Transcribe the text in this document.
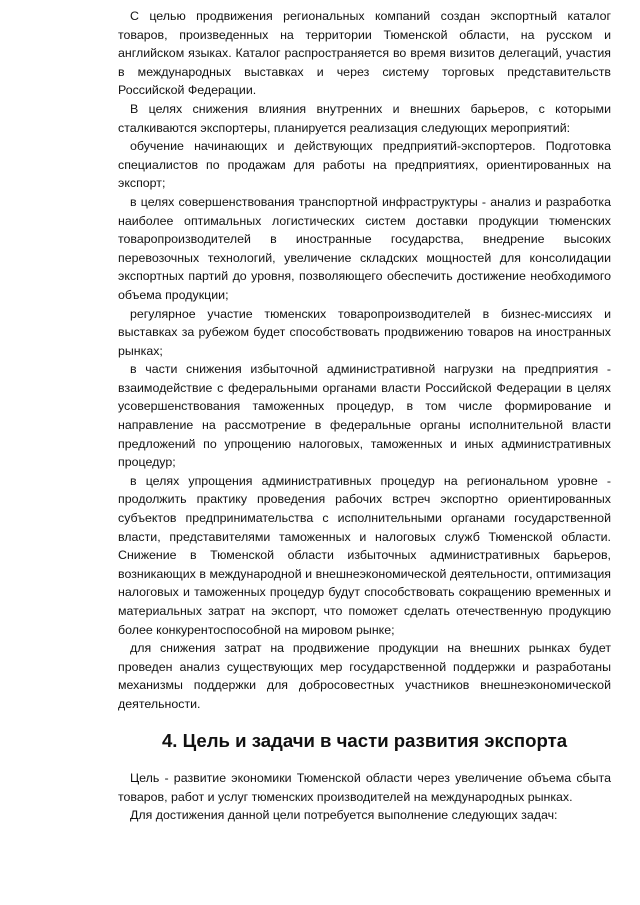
С целью продвижения региональных компаний создан экспортный каталог товаров, произведенных на территории Тюменской области, на русском и английском языках. Каталог распространяется во время визитов делегаций, участия в международных выставках и через систему торговых представительств Российской Федерации.

В целях снижения влияния внутренних и внешних барьеров, с которыми сталкиваются экспортеры, планируется реализация следующих мероприятий:

обучение начинающих и действующих предприятий-экспортеров. Подготовка специалистов по продажам для работы на предприятиях, ориентированных на экспорт;

в целях совершенствования транспортной инфраструктуры - анализ и разработка наиболее оптимальных логистических систем доставки продукции тюменских товаропроизводителей в иностранные государства, внедрение высоких перевозочных технологий, увеличение складских мощностей для консолидации экспортных партий до уровня, позволяющего обеспечить достижение необходимого объема продукции;

регулярное участие тюменских товаропроизводителей в бизнес-миссиях и выставках за рубежом будет способствовать продвижению товаров на иностранных рынках;

в части снижения избыточной административной нагрузки на предприятия - взаимодействие с федеральными органами власти Российской Федерации в целях усовершенствования таможенных процедур, в том числе формирование и направление на рассмотрение в федеральные органы исполнительной власти предложений по упрощению налоговых, таможенных и иных административных процедур;

в целях упрощения административных процедур на региональном уровне - продолжить практику проведения рабочих встреч экспортно ориентированных субъектов предпринимательства с исполнительными органами государственной власти, представителями таможенных и налоговых служб Тюменской области. Снижение в Тюменской области избыточных административных барьеров, возникающих в международной и внешнеэкономической деятельности, оптимизация налоговых и таможенных процедур будут способствовать сокращению временных и материальных затрат на экспорт, что поможет сделать отечественную продукцию более конкурентоспособной на мировом рынке;

для снижения затрат на продвижение продукции на внешних рынках будет проведен анализ существующих мер государственной поддержки и разработаны механизмы поддержки для добросовестных участников внешнеэкономической деятельности.

4. Цель и задачи в части развития экспорта

Цель - развитие экономики Тюменской области через увеличение объема сбыта товаров, работ и услуг тюменских производителей на международных рынках.

Для достижения данной цели потребуется выполнение следующих задач:
